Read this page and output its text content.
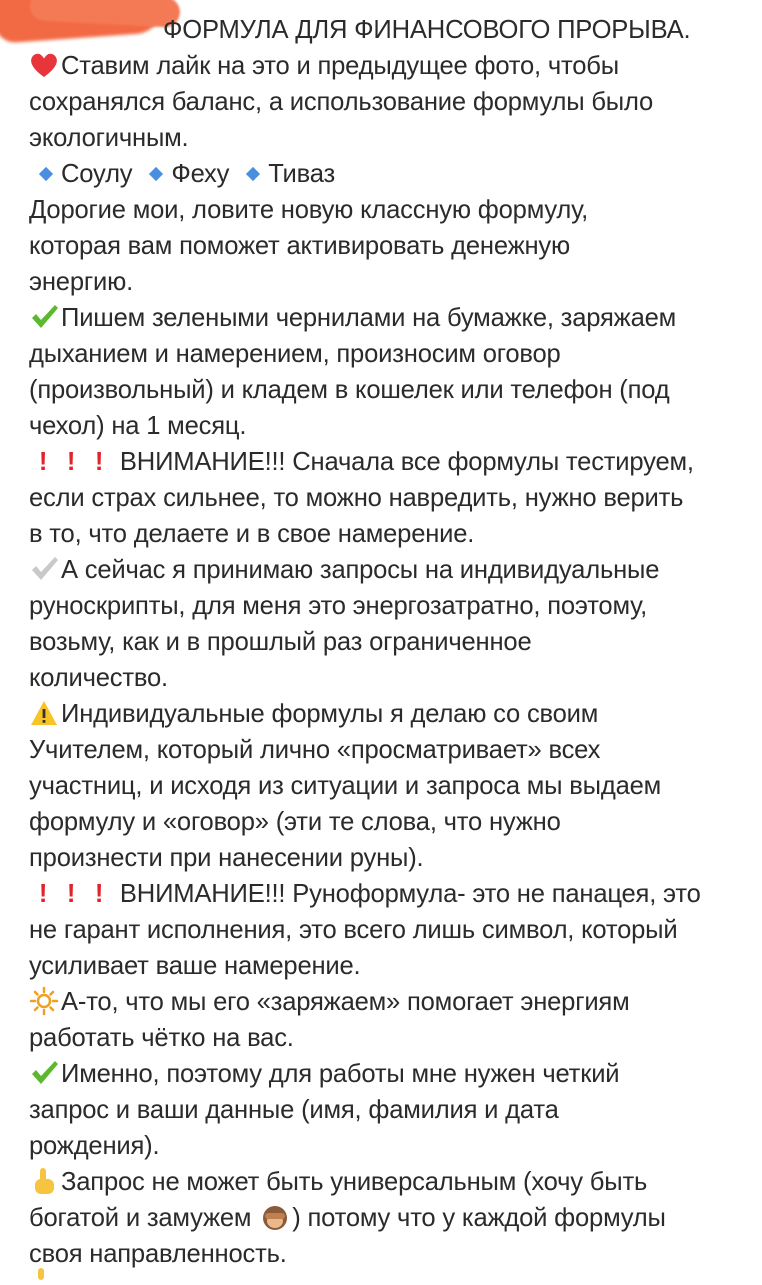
ФОРМУЛА ДЛЯ ФИНАНСОВОГО ПРОРЫВА.
Ставим лайк на это и предыдущее фото, чтобы
сохранялся баланс, а использование формулы было
экологичным.
Соулу Феху Тиваз
Дорогие мои, ловите новую классную формулу,
которая вам поможет активировать денежную
энергию.
Пишем зелеными чернилами на бумажке, заряжаем
дыханием и намерением, произносим оговор
(произвольный) и кладем в кошелек или телефон (под
чехол) на 1 месяц.
! ! ! ВНИМАНИЕ!!! Сначала все формулы тестируем,
если страх сильнее, то можно навредить, нужно верить
в то, что делаете и в свое намерение.
А сейчас я принимаю запросы на индивидуальные
руноскрипты, для меня это энергозатратно, поэтому,
возьму, как и в прошлый раз ограниченное
количество.
Индивидуальные формулы я делаю со своим
Учителем, который лично «просматривает» всех
участниц, и исходя из ситуации и запроса мы выдаем
формулу и «оговор» (эти те слова, что нужно
произнести при нанесении руны).
! ! ! ВНИМАНИЕ!!! Руноформула- это не панацея, это
не гарант исполнения, это всего лишь символ, который
усиливает ваше намерение.
А-то, что мы его «заряжаем» помогает энергиям
работать чётко на вас.
Именно, поэтому для работы мне нужен четкий
запрос и ваши данные (имя, фамилия и дата
рождения).
Запрос не может быть универсальным (хочу быть
богатой и замужем ) потому что у каждой формулы
своя направленность.
